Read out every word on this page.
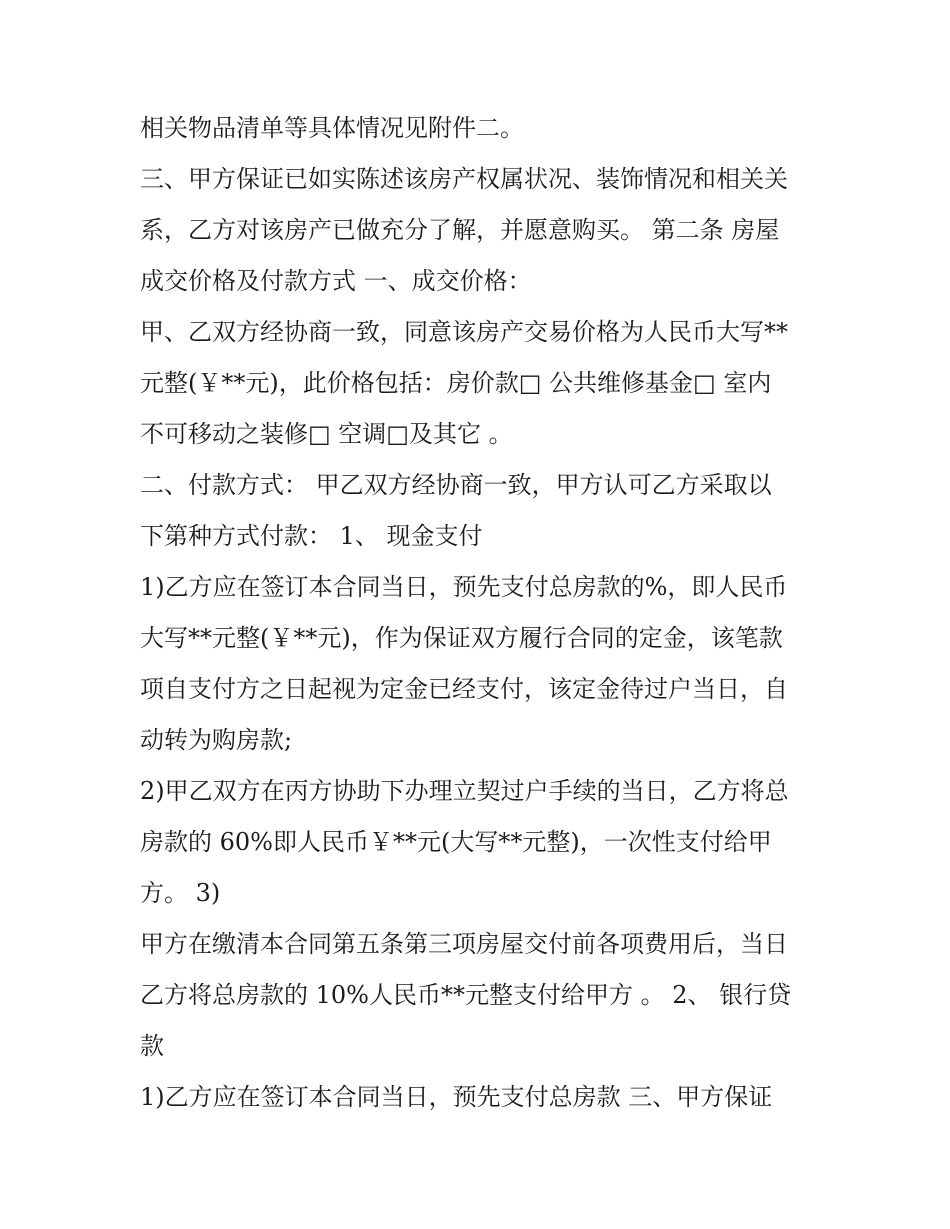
相关物品清单等具体情况见附件二。

三、甲方保证已如实陈述该房产权属状况、装饰情况和相关关

系，乙方对该房产已做充分了解，并愿意购买。 第二条 房屋

成交价格及付款方式 一、成交价格：

甲、乙双方经协商一致，同意该房产交易价格为人民币大写**

元整(￥**元)，此价格包括：房价款□ 公共维修基金□ 室内

不可移动之装修□ 空调□及其它 。

二、付款方式： 甲乙双方经协商一致，甲方认可乙方采取以

下第种方式付款： 1、 现金支付

1)乙方应在签订本合同当日，预先支付总房款的%，即人民币

大写**元整(￥**元)，作为保证双方履行合同的定金，该笔款

项自支付方之日起视为定金已经支付，该定金待过户当日，自

动转为购房款;

2)甲乙双方在丙方协助下办理立契过户手续的当日，乙方将总

房款的 60%即人民币￥**元(大写**元整)，一次性支付给甲

方。 3)

甲方在缴清本合同第五条第三项房屋交付前各项费用后，当日

乙方将总房款的 10%人民币**元整支付给甲方 。 2、 银行贷

款

1)乙方应在签订本合同当日，预先支付总房款 三、甲方保证
